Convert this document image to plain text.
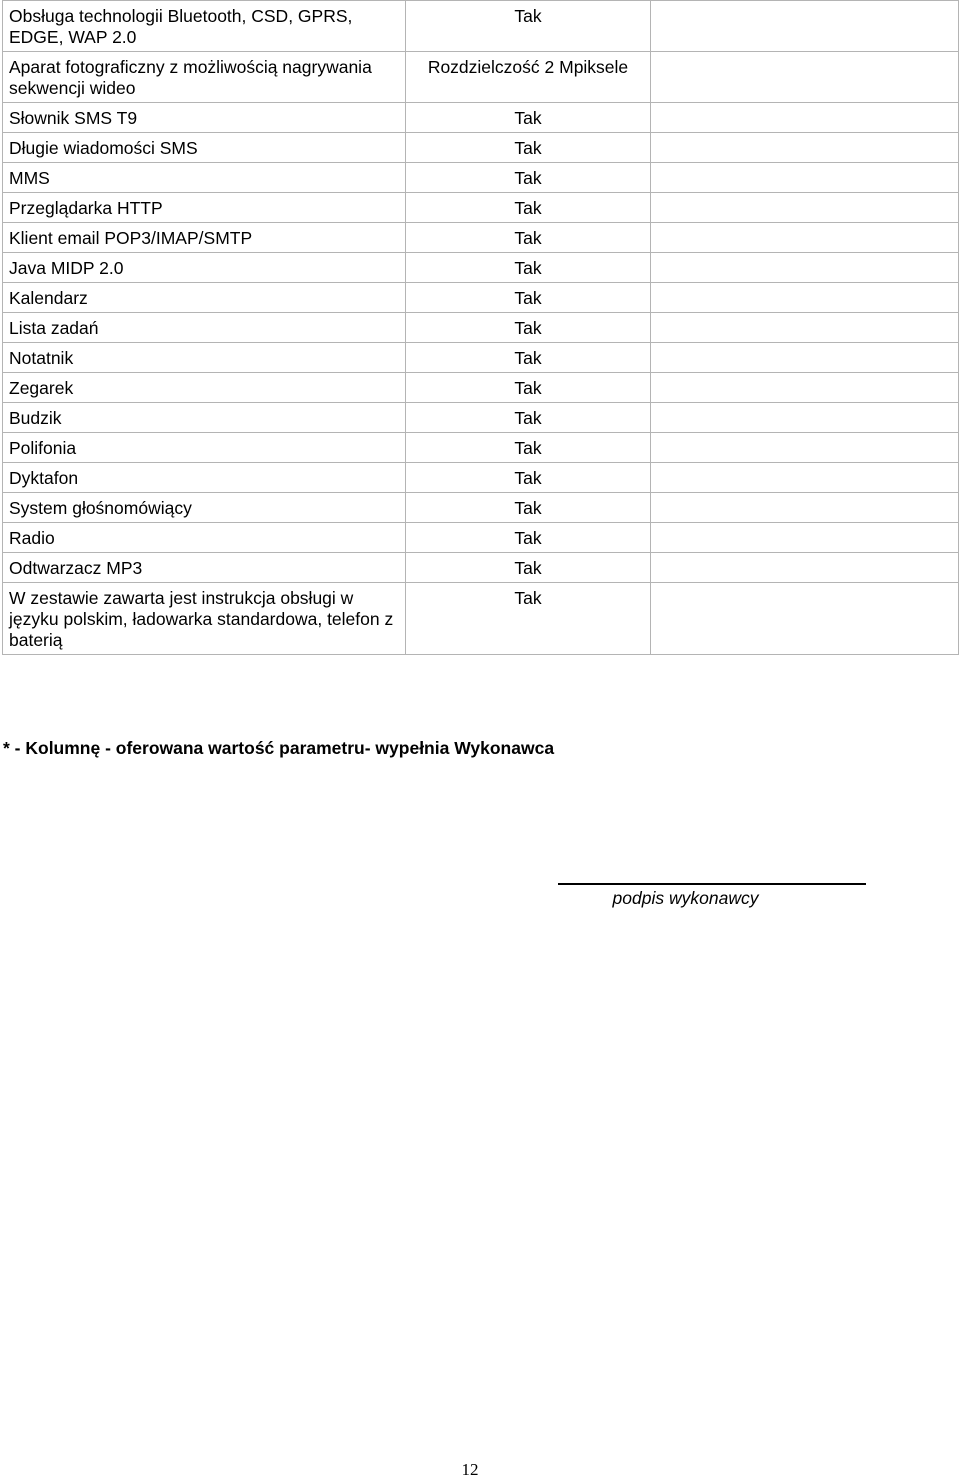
Obsługa technologii Bluetooth, CSD, GPRS, EDGE, WAP 2.0	Tak	
Aparat fotograficzny z możliwością nagrywania sekwencji wideo	Rozdzielczość 2 Mpiksele	
Słownik SMS T9	Tak	
Długie wiadomości SMS	Tak	
MMS	Tak	
Przeglądarka HTTP	Tak	
Klient email POP3/IMAP/SMTP	Tak	
Java MIDP 2.0	Tak	
Kalendarz	Tak	
Lista zadań	Tak	
Notatnik	Tak	
Zegarek	Tak	
Budzik	Tak	
Polifonia	Tak	
Dyktafon	Tak	
System głośnomówiący	Tak	
Radio	Tak	
Odtwarzacz MP3	Tak	
W zestawie zawarta jest instrukcja obsługi w języku polskim, ładowarka standardowa, telefon z baterią	Tak	
* - Kolumnę - oferowana wartość parametru- wypełnia Wykonawca
podpis wykonawcy
12
